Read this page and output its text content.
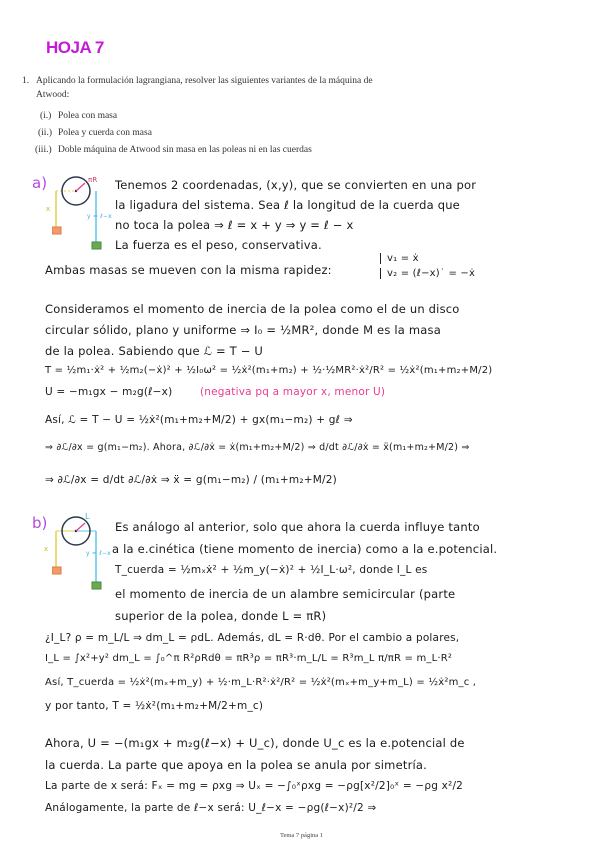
HOJA 7
1. Aplicando la formulación lagrangiana, resolver las siguientes variantes de la máquina de
Atwood:
(i.) Polea con masa
(ii.) Polea y cuerda con masa
(iii.) Doble máquina de Atwood sin masa en las poleas ni en las cuerdas
a)	πR
x
y = ℓ−x
Tenemos 2 coordenadas, (x,y), que se convierten en una por
la ligadura del sistema. Sea ℓ la longitud de la cuerda que
no toca la polea ⇒ ℓ = x + y ⇒ y = ℓ − x
La fuerza es el peso, conservativa.
Ambas masas se mueven con la misma rapidez:
v₁ = ẋ
v₂ = (ℓ−x)˙ = −ẋ
Consideramos el momento de inercia de la polea como el de un disco
circular sólido, plano y uniforme ⇒ I₀ = ½MR², donde M es la masa
de la polea. Sabiendo que ℒ = T − U
T = ½m₁·ẋ² + ½m₂(−ẋ)² + ½I₀ω² = ½ẋ²(m₁+m₂) + ½·½MR²·ẋ²/R² = ½ẋ²(m₁+m₂+M/2)
U = −m₁gx − m₂g(ℓ−x)	(negativa pq a mayor x, menor U)
Así, ℒ = T − U = ½ẋ²(m₁+m₂+M/2) + gx(m₁−m₂) + gℓ ⇒
⇒ ∂ℒ/∂x = g(m₁−m₂). Ahora, ∂ℒ/∂ẋ = ẋ(m₁+m₂+M/2) ⇒ d/dt ∂ℒ/∂ẋ = ẍ(m₁+m₂+M/2) ⇒
⇒ ∂ℒ/∂x = d/dt ∂ℒ/∂ẋ ⇒ ẍ = g(m₁−m₂) / (m₁+m₂+M/2)
b)	L
x
y = ℓ−x
Es análogo al anterior, solo que ahora la cuerda influye tanto
a la e.cinética (tiene momento de inercia) como a la e.potencial.
T_cuerda = ½mₓẋ² + ½m_y(−ẋ)² + ½I_L·ω², donde I_L es
el momento de inercia de un alambre semicircular (parte
superior de la polea, donde L = πR)
¿I_L? ρ = m_L/L ⇒ dm_L = ρdL. Además, dL = R·dθ. Por el cambio a polares,
I_L = ∫x²+y² dm_L = ∫₀^π R²ρRdθ = πR³ρ = πR³·m_L/L = R³m_L π/πR = m_L·R²
Así, T_cuerda = ½ẋ²(mₓ+m_y) + ½·m_L·R²·ẋ²/R² = ½ẋ²(mₓ+m_y+m_L) = ½ẋ²m_c ,
y por tanto, T = ½ẋ²(m₁+m₂+M/2+m_c)
Ahora, U = −(m₁gx + m₂g(ℓ−x) + U_c), donde U_c es la e.potencial de
la cuerda. La parte que apoya en la polea se anula por simetría.
La parte de x será: Fₓ = mg = ρxg ⇒ Uₓ = −∫₀ˣρxg = −ρg[x²/2]₀ˣ = −ρg x²/2
Análogamente, la parte de ℓ−x será: U_ℓ−x = −ρg(ℓ−x)²/2 ⇒
Tema 7 página 1
